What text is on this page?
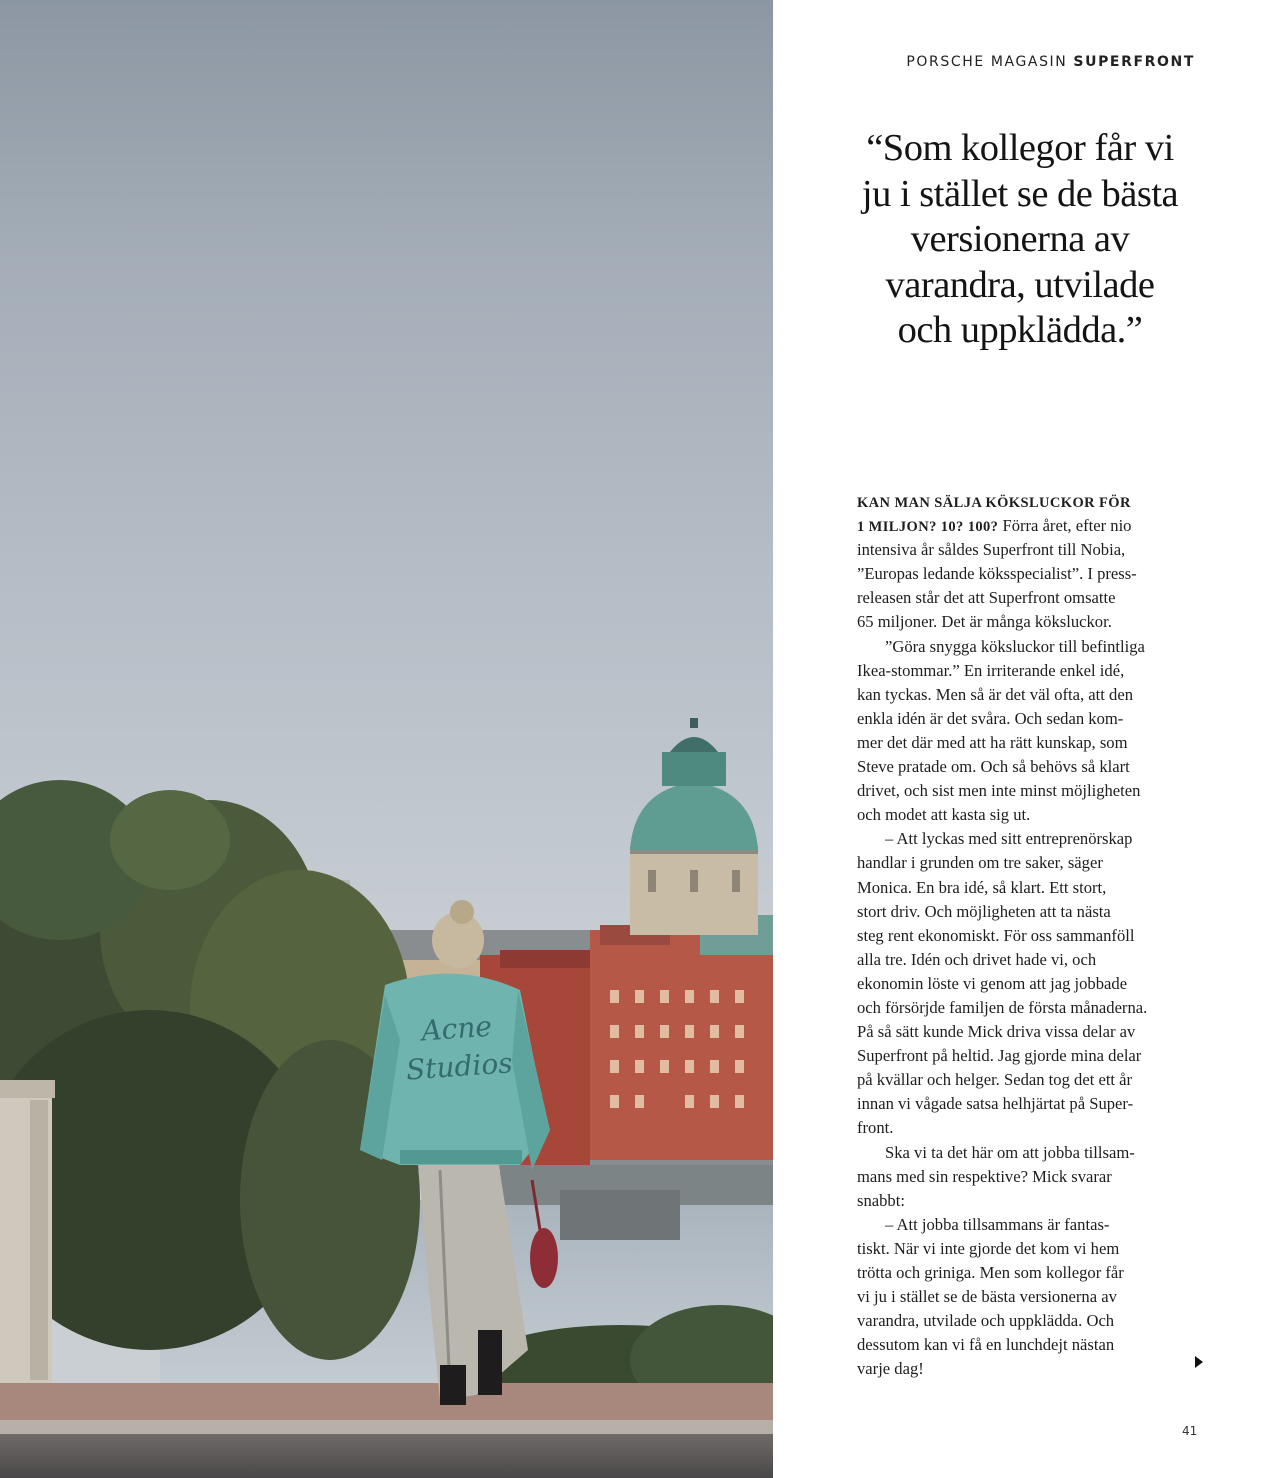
Acne Studios
PORSCHE MAGASIN SUPERFRONT
“Som kollegor får vi
ju i stället se de bästa
versionerna av
varandra, utvilade
och uppklädda.”
KAN MAN SÄLJA KÖKSLUCKOR FÖR
1 MILJON? 10? 100? Förra året, efter nio
intensiva år såldes Superfront till Nobia,
”Europas ledande köksspecialist”. I press-
releasen står det att Superfront omsatte
65 miljoner. Det är många köksluckor.
”Göra snygga köksluckor till befintliga
Ikea-stommar.” En irriterande enkel idé,
kan tyckas. Men så är det väl ofta, att den
enkla idén är det svåra. Och sedan kom-
mer det där med att ha rätt kunskap, som
Steve pratade om. Och så behövs så klart
drivet, och sist men inte minst möjligheten
och modet att kasta sig ut.
– Att lyckas med sitt entreprenörskap
handlar i grunden om tre saker, säger
Monica. En bra idé, så klart. Ett stort,
stort driv. Och möjligheten att ta nästa
steg rent ekonomiskt. För oss sammanföll
alla tre. Idén och drivet hade vi, och
ekonomin löste vi genom att jag jobbade
och försörjde familjen de första månaderna.
På så sätt kunde Mick driva vissa delar av
Superfront på heltid. Jag gjorde mina delar
på kvällar och helger. Sedan tog det ett år
innan vi vågade satsa helhjärtat på Super-
front.
Ska vi ta det här om att jobba tillsam-
mans med sin respektive? Mick svarar
snabbt:
– Att jobba tillsammans är fantas-
tiskt. När vi inte gjorde det kom vi hem
trötta och griniga. Men som kollegor får
vi ju i stället se de bästa versionerna av
varandra, utvilade och uppklädda. Och
dessutom kan vi få en lunchdejt nästan
varje dag!
41
